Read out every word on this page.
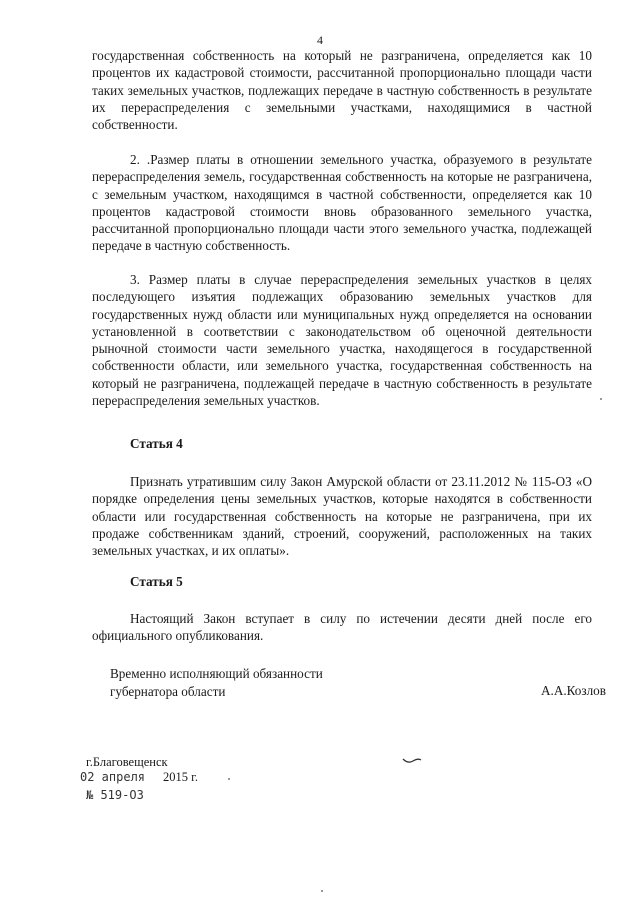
4

государственная собственность на который не разграничена, определяется как 10 процентов их кадастровой стоимости, рассчитанной пропорционально площади части таких земельных участков, подлежащих передаче в частную собственность в результате их перераспределения с земельными участками, находящимися в частной собственности.

2. .Размер платы в отношении земельного участка, образуемого в результате перераспределения земель, государственная собственность на которые не разграничена, с земельным участком, находящимся в частной собственности, определяется как 10 процентов кадастровой стоимости вновь образованного земельного участка, рассчитанной пропорционально площади части этого земельного участка, подлежащей передаче в частную собственность.

3. Размер платы в случае перераспределения земельных участков в целях последующего изъятия подлежащих образованию земельных участков для государственных нужд области или муниципальных нужд определяется на основании установленной в соответствии с законодательством об оценочной деятельности рыночной стоимости части земельного участка, находящегося в государственной собственности области, или земельного участка, государственная собственность на который не разграничена, подлежащей передаче в частную собственность в результате перераспределения земельных участков.

Статья 4

Признать утратившим силу Закон Амурской области от 23.11.2012 № 115-ОЗ «О порядке определения цены земельных участков, которые находятся в собственности области или государственная собственность на которые не разграничена, при их продаже собственникам зданий, строений, сооружений, расположенных на таких земельных участках, и их оплаты».

Статья 5

Настоящий Закон вступает в силу по истечении десяти дней после его официального опубликования.

Временно исполняющий обязанности

губернатора области	А.А.Козлов
г.Благовещенск
02 апреля 2015 г.
№ 519-ОЗ
